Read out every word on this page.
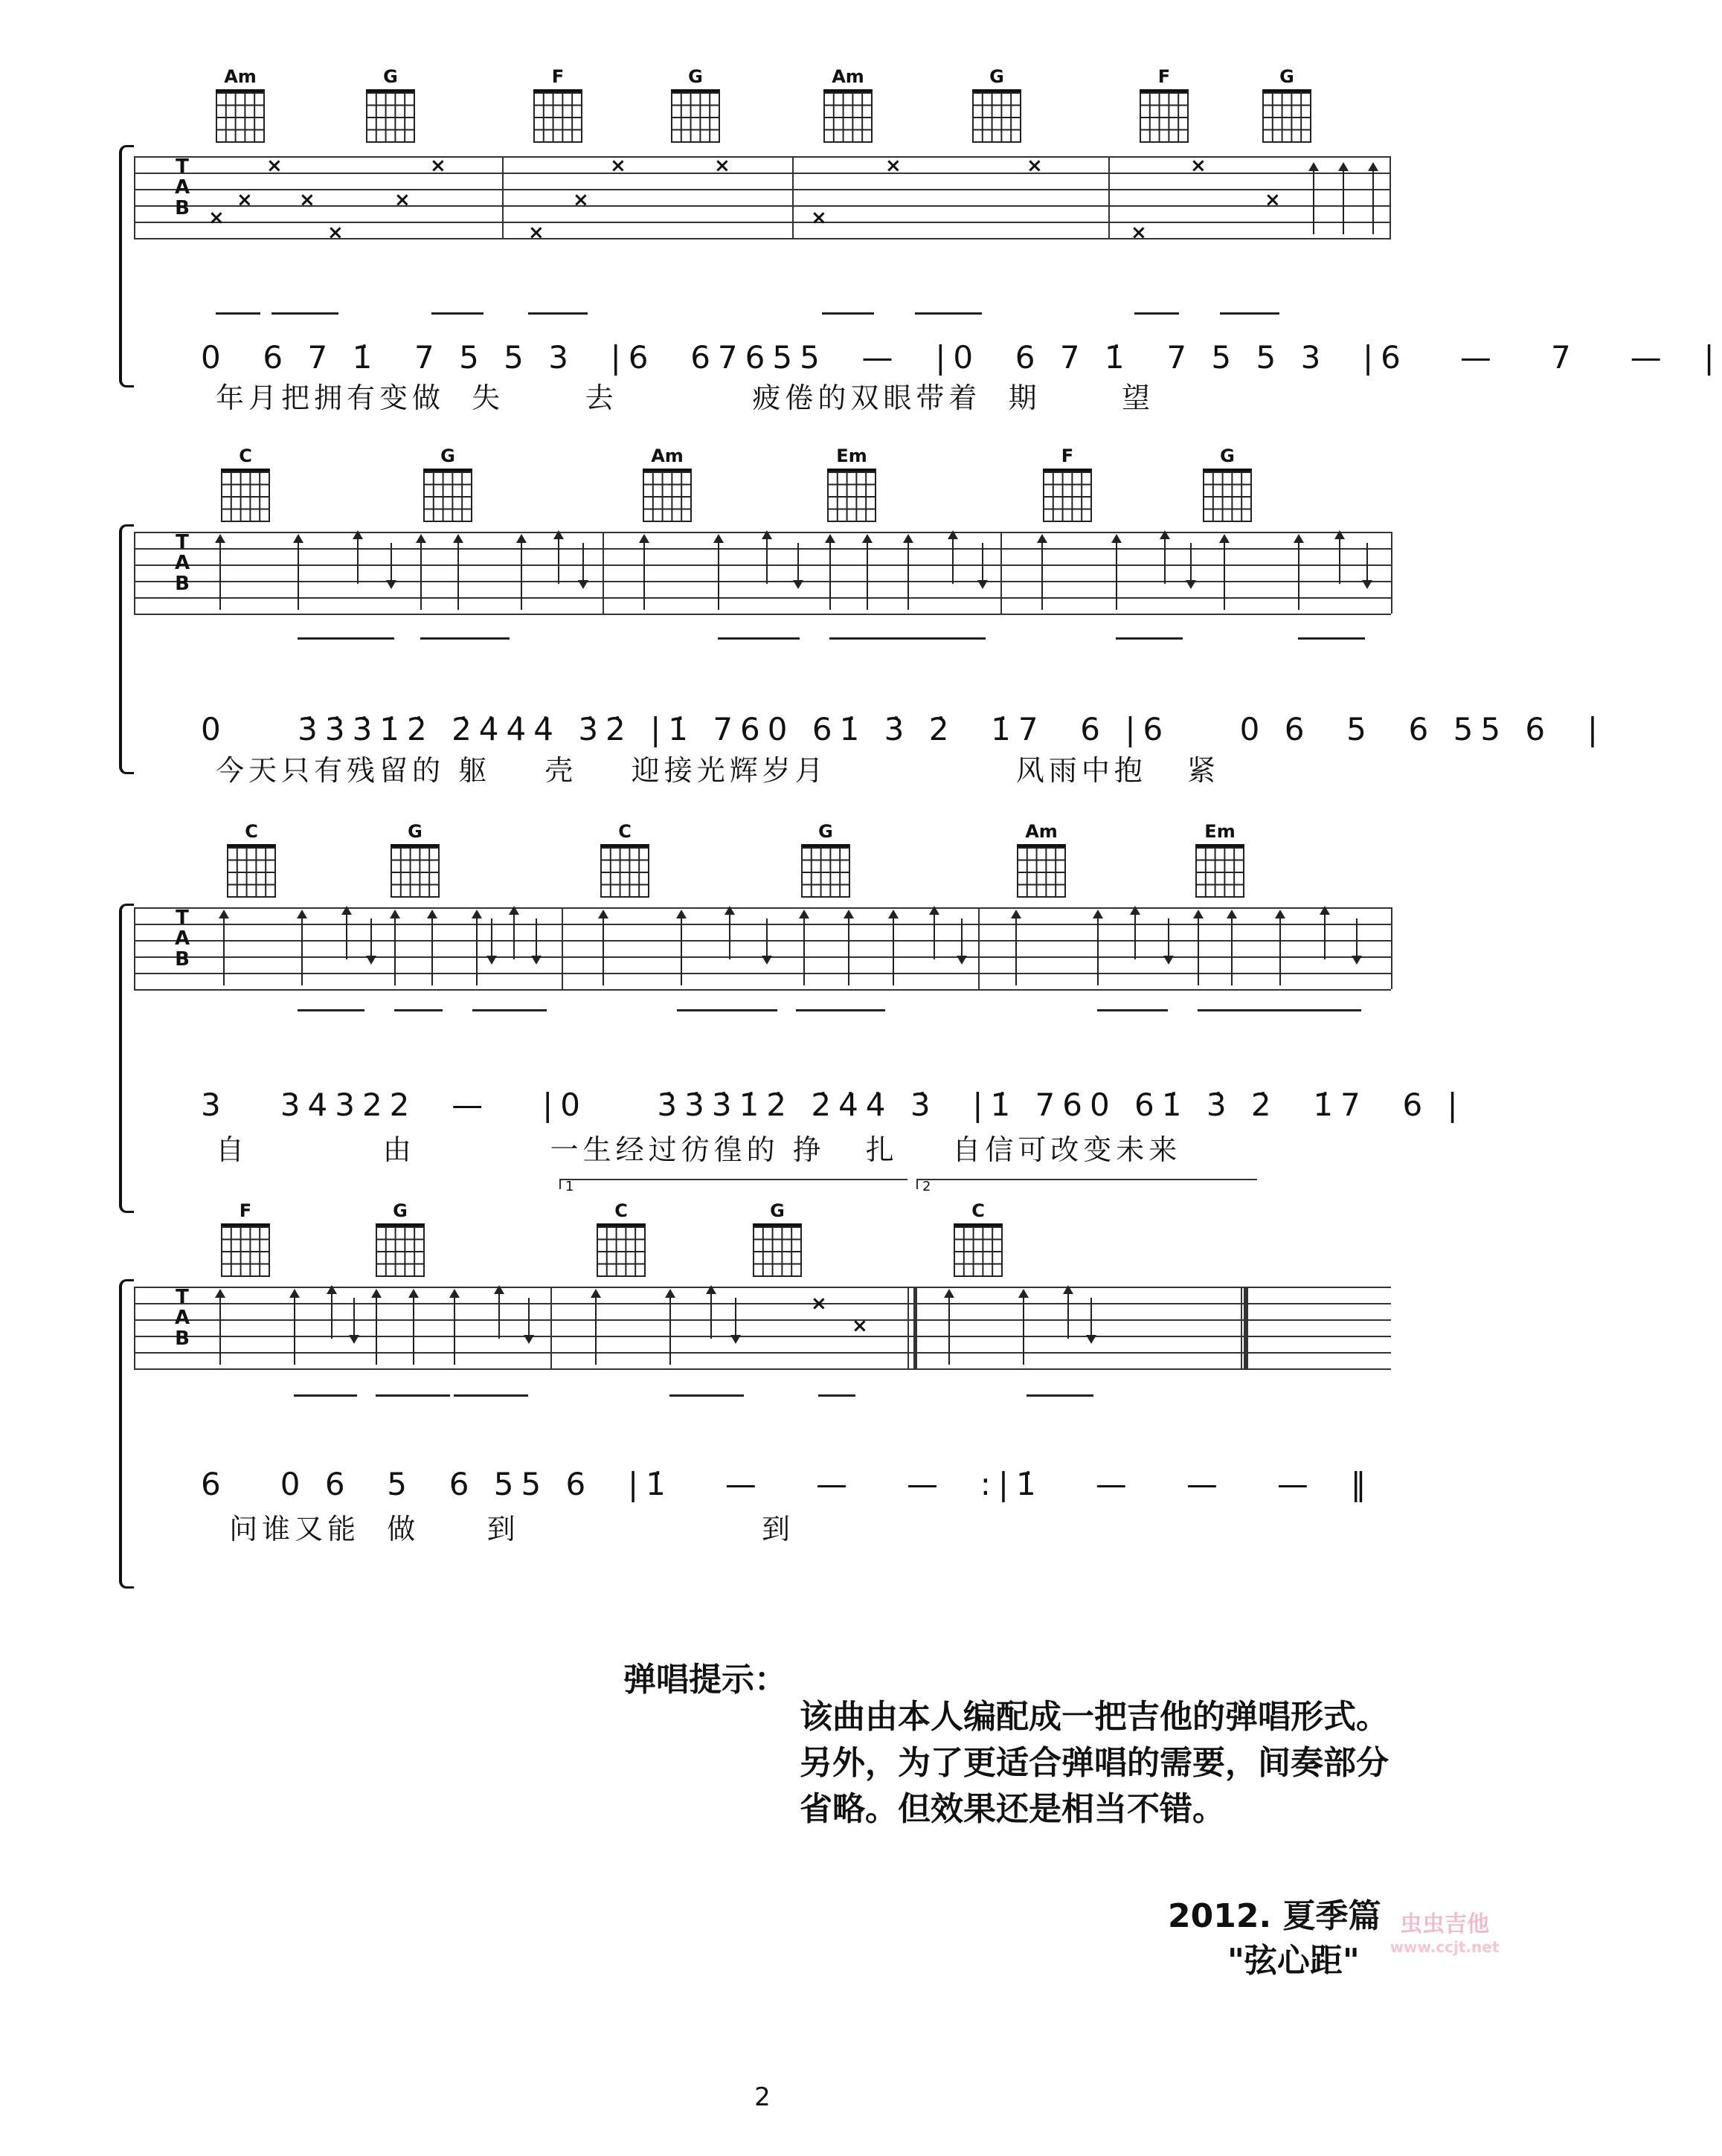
Am	G	F	G	Am	G	F	G
T
A
B ×
×
×
×
×
×
×
×
×
×	×
×
×	×
×
×
×
0  6 7 1̇  7 5 5 3  |6  67655  —  |0  6 7 1̇  7 5 5 3  |6   —   7   —  |
年月把拥有变做  失      去          疲倦的双眼带着  期      望
C	G	Am	Em	F	G
T
A
B
0    3̇3̇3̇1̇2̇ 2̇4̇4̇4̇ 3̇2̇ |1̇ 760 61̇ 3̇ 2̇  1̇7  6 |6    0 6  5  6 55 6  |
今天只有残留的 躯    壳    迎接光辉岁月              风雨中抱   紧
C	G	C	G	Am	Em
T
A
B
3   34322  —   |0    3̇3̇3̇1̇2̇ 2̇4̇4̇ 3̇  |1̇ 760 61̇ 3̇ 2̇  1̇7  6 |
自          由          一生经过彷徨的 挣   扎    自信可改变未来
1	2
F	G	C	G	C
T
A
B
×
×
6   0 6  5  6 55 6  |1̇   —   —   —  :|1̇   —   —   —  ‖
问谁又能  做     到                  到
弹唱提示：
该曲由本人编配成一把吉他的弹唱形式。另外，为了更适合弹唱的需要，间奏部分省略。但效果还是相当不错。
2012. 夏季篇
"弦心距"
虫虫吉他
www.ccjt.net
2
